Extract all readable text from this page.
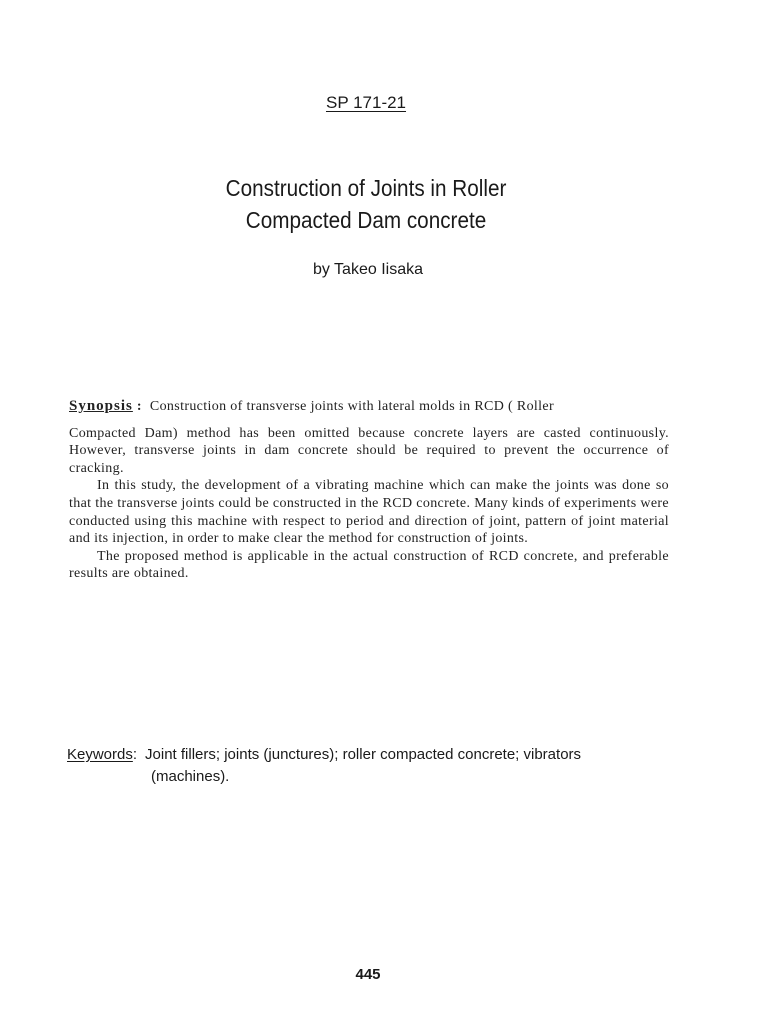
SP 171-21
Construction of Joints in Roller
Compacted Dam concrete
by Takeo Iisaka

Synopsis : Construction of transverse joints with lateral molds in RCD ( Roller

Compacted Dam) method has been omitted because concrete layers are casted continuously. However, transverse joints in dam concrete should be required to prevent the occurrence of cracking.

In this study, the development of a vibrating machine which can make the joints was done so that the transverse joints could be constructed in the RCD concrete. Many kinds of experiments were conducted using this machine with respect to period and direction of joint, pattern of joint material and its injection, in order to make clear the method for construction of joints.

The proposed method is applicable in the actual construction of RCD concrete, and preferable results are obtained.

Keywords : Joint fillers; joints (junctures); roller compacted concrete; vibrators
(machines).
445
